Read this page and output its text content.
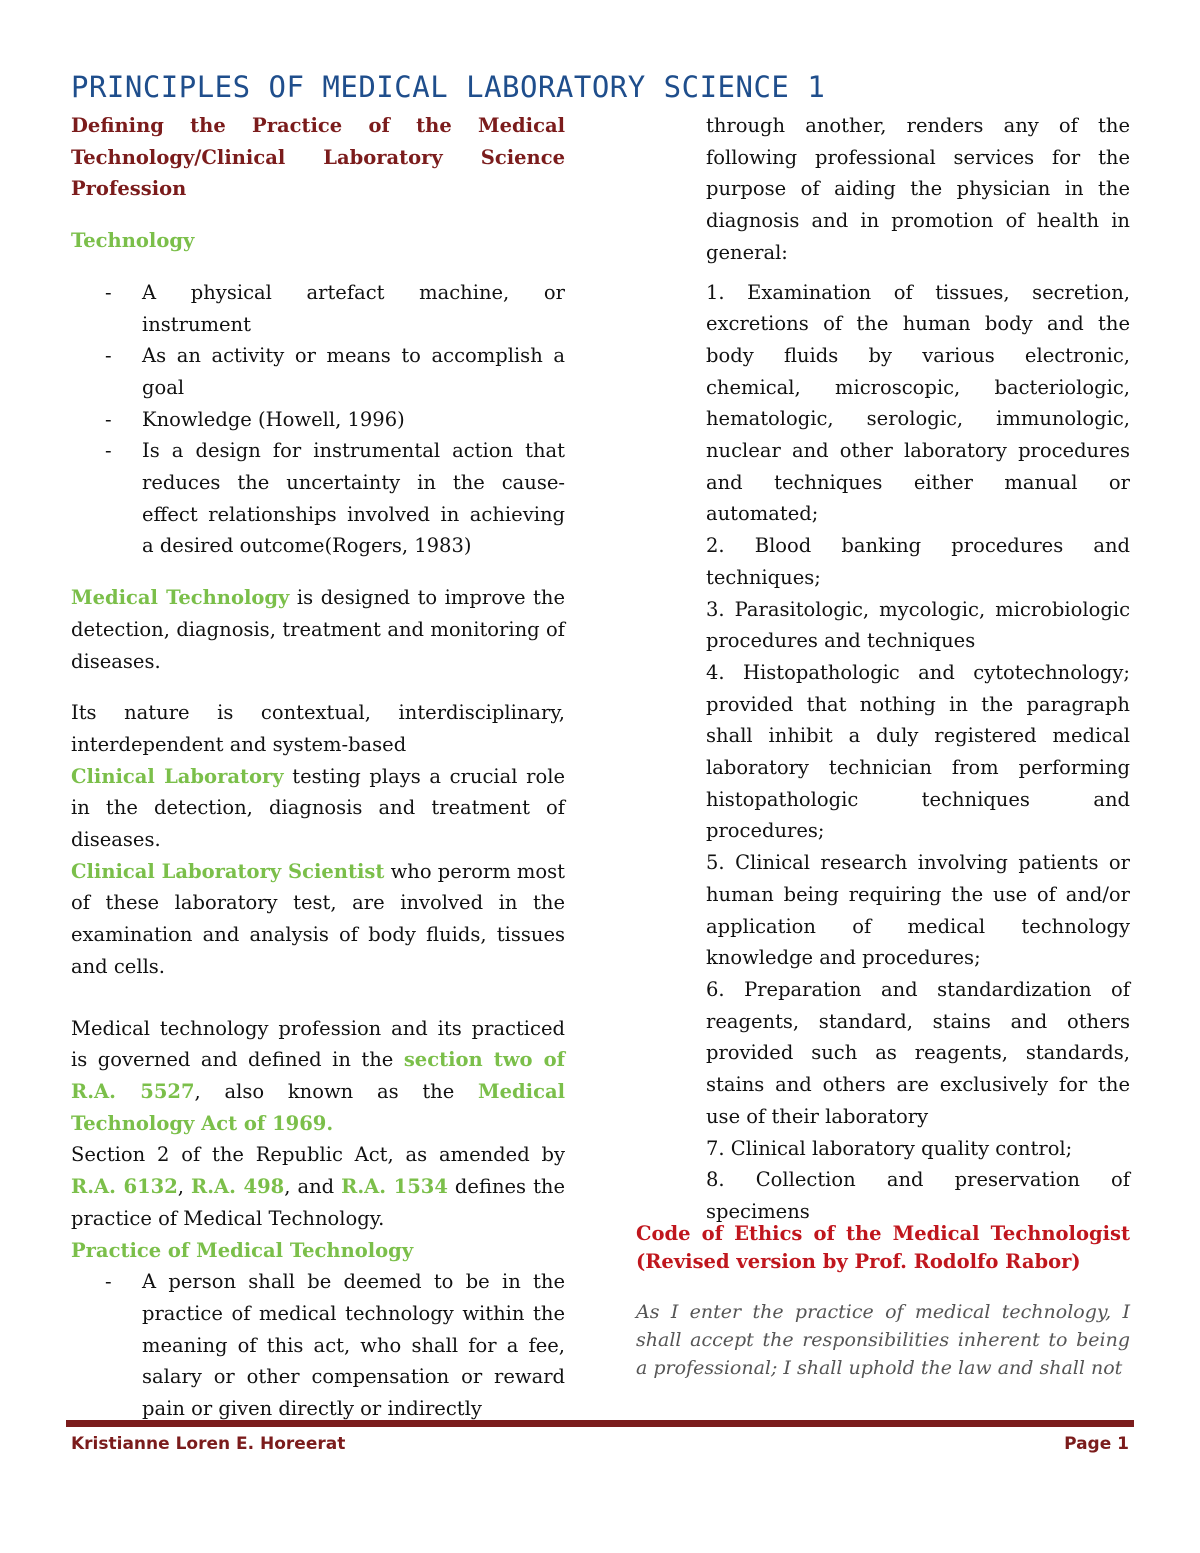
PRINCIPLES OF MEDICAL LABORATORY SCIENCE 1

Defining the Practice of the Medical Technology/Clinical Laboratory Science Profession

Technology

- A physical artefact machine, or instrument
- As an activity or means to accomplish a goal
- Knowledge (Howell, 1996)
- Is a design for instrumental action that reduces the uncertainty in the cause-effect relationships involved in achieving a desired outcome(Rogers, 1983)

Medical Technology is designed to improve the detection, diagnosis, treatment and monitoring of diseases.

Its nature is contextual, interdisciplinary, interdependent and system-based

Clinical Laboratory testing plays a crucial role in the detection, diagnosis and treatment of diseases.

Clinical Laboratory Scientist who perorm most of these laboratory test, are involved in the examination and analysis of body fluids, tissues and cells.

Medical technology profession and its practiced is governed and defined in the section two of R.A. 5527, also known as the Medical Technology Act of 1969.

Section 2 of the Republic Act, as amended by R.A. 6132, R.A. 498, and R.A. 1534 defines the practice of Medical Technology.

Practice of Medical Technology

- A person shall be deemed to be in the practice of medical technology within the meaning of this act, who shall for a fee, salary or other compensation or reward pain or given directly or indirectly

through another, renders any of the following professional services for the purpose of aiding the physician in the diagnosis and in promotion of health in general:

1. Examination of tissues, secretion, excretions of the human body and the body fluids by various electronic, chemical, microscopic, bacteriologic, hematologic, serologic, immunologic, nuclear and other laboratory procedures and techniques either manual or automated;
2. Blood banking procedures and techniques;
3. Parasitologic, mycologic, microbiologic procedures and techniques
4. Histopathologic and cytotechnology; provided that nothing in the paragraph shall inhibit a duly registered medical laboratory technician from performing histopathologic techniques and procedures;
5. Clinical research involving patients or human being requiring the use of and/or application of medical technology knowledge and procedures;
6. Preparation and standardization of reagents, standard, stains and others provided such as reagents, standards, stains and others are exclusively for the use of their laboratory
7. Clinical laboratory quality control;
8. Collection and preservation of specimens

Code of Ethics of the Medical Technologist (Revised version by Prof. Rodolfo Rabor)

As I enter the practice of medical technology, I shall accept the responsibilities inherent to being a professional; I shall uphold the law and shall not

Kristianne Loren E. Horeerat	Page 1
